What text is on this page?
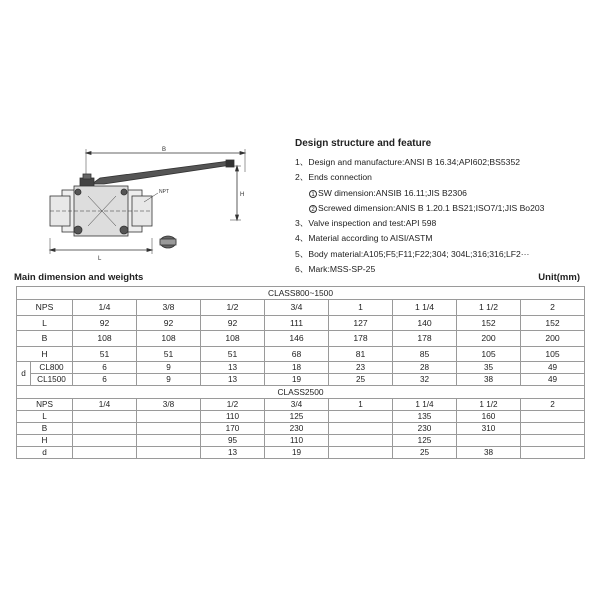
B
H
L
NPT
Design structure and feature
1、Design and manufacture:ANSI B 16.34;API602;BS5352
2、Ends connection
1 SW dimension:ANSIB 16.11;JIS B2306
2 Screwed dimension:ANIS B 1.20.1 BS21;ISO7/1;JIS Bo203
3、Valve inspection and test:API 598
4、Material according to AISI/ASTM
5、Body material:A105;F5;F11;F22;304; 304L;316;316;LF2···
6、Mark:MSS-SP-25
Main dimension and weights	Unit(mm)
CLASS800~1500									
NPS		1/4	3/8	1/2	3/4	1	1 1/4	1 1/2	2
L		92	92	92	111	127	140	152	152
B		108	108	108	146	178	178	200	200
H		51	51	51	68	81	85	105	105
d	CL800	6	9	13	18	23	28	35	49
	CL1500	6	9	13	19	25	32	38	49
CLASS2500									
NPS		1/4	3/8	1/2	3/4	1	1 1/4	1 1/2	2
L				110	125		135	160	
B				170	230		230	310	
H				95	110		125		
d				13	19		25	38	
